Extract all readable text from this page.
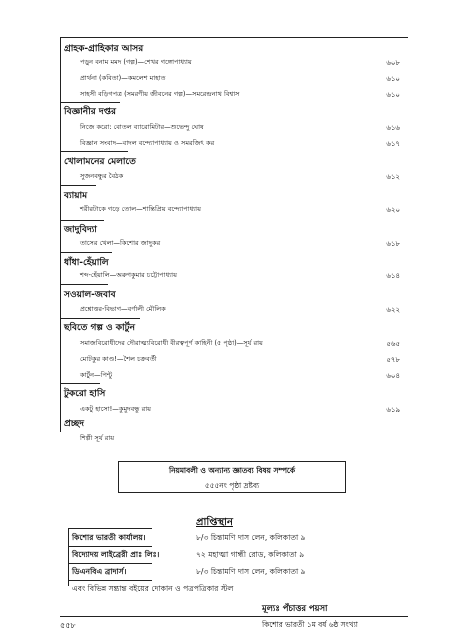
গ্রাহক-গ্রাহিকার আসর
পড়ুন বনাম মমদ (গল্প)—শেখর গঙ্গোপাধ্যায়	৬০৮
প্রার্থনা (কবিতা)—কমলেশ মাহাত	৬১০
সাহসী বড়িগপত্র (সমরণীয় জীবনের গল্প)—সমরেন্দ্রনাথ বিশ্বাস	৬১০
বিজ্ঞানীর দপ্তর
নিজে করো: বোতল ব্যারোমিটার—শুভেন্দু ঘোষ	৬১৬
বিজ্ঞান সংবাদ—বাদল বন্দ্যোপাধ্যায় ও সমরজিৎ কর	৬১৭
খোলামনের মেলাতে
সুজনবন্ধুর বৈঠক	৬১২
ব্যায়াম
শরীরটাকে গড়ে তোল—শান্তিপ্রিয় বন্দ্যোপাধ্যায়	৬২০
জাদুবিদ্যা
তাসের খেলা—কিশোর জাদুকর	৬১৮
ধাঁধা-হেঁয়ালি
শব্দ-হেঁয়ালি—অরুণকুমার চট্টোপাধ্যায়	৬১৪
সওয়াল-জবাব
প্রশ্নোত্তর-বিভাগ—বর্ণালী মৌলিক	৬২২
ছবিতে গল্প ও কার্টুন
সমাজবিরোধীদের দৌরাত্ম্যবিরোধী বীরত্বপূর্ণ কাহিনী (৫ পৃষ্ঠা)—সূর্য রায়	৫৬৫
মোটকুর কাণ্ড!—শৈল চক্রবর্তী	৫৭৮
কার্টুন—পিন্টু	৬০৪
টুকরো হাসি
একটু হাসো!—কুমুদবন্ধু রায়	৬১৯
প্রচ্ছদ
শিল্পী সূর্য রায়
নিয়মাবলী ও অন্যান্য জ্ঞাতব্য বিষয় সম্পর্কে
৫৫৫নং পৃষ্ঠা দ্রষ্টব্য
প্রাপ্তিস্থান
কিশোর ভারতী কার্যালয়।	৮/৩ চিন্তামণি দাস লেন, কলিকাতা ৯
বিদ্যোদয় লাইব্রেরী প্রাঃ লিঃ।	৭২ মহাত্মা গান্ধী রোড, কলিকাতা ৯
ডিএনবিএ ব্রাদার্স।	৮/৩ চিন্তামণি দাস লেন, কলিকাতা ৯
এবং বিভিন্ন সম্ভ্রান্ত বইয়ের দোকান ও পত্রপত্রিকার স্টল
মূল্যঃ পঁচাত্তর পয়সা
৫৫৮	কিশোর ভারতী ১ম বর্ষ ৬ষ্ঠ সংখ্যা
